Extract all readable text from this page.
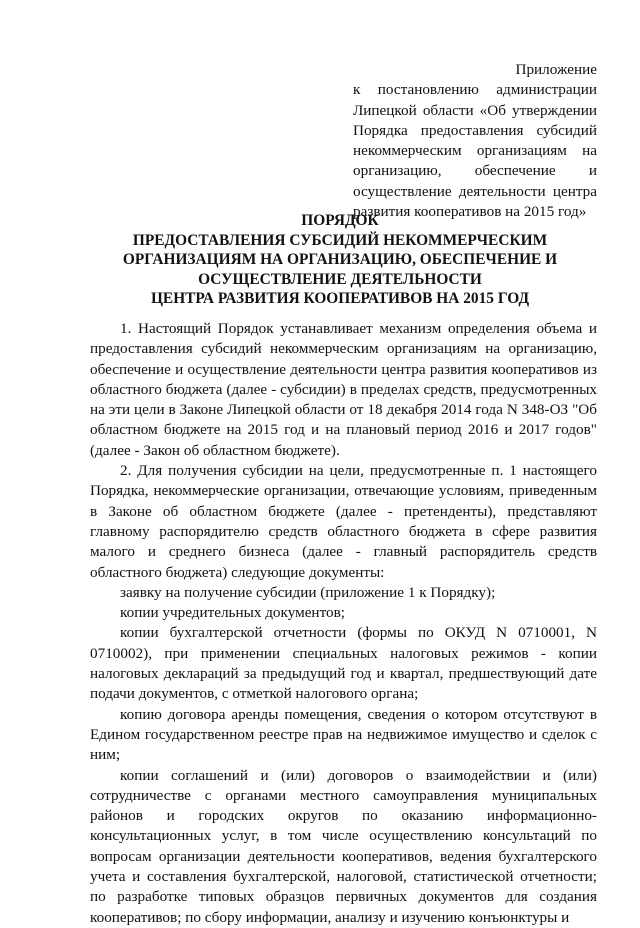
Приложение

к постановлению администрации Липецкой области «Об утверждении Порядка предоставления субсидий некоммерческим организациям на организацию, обеспечение и осуществление деятельности центра развития кооперативов на 2015 год»

ПОРЯДОК
ПРЕДОСТАВЛЕНИЯ СУБСИДИЙ НЕКОММЕРЧЕСКИМ
ОРГАНИЗАЦИЯМ НА ОРГАНИЗАЦИЮ, ОБЕСПЕЧЕНИЕ И
ОСУЩЕСТВЛЕНИЕ ДЕЯТЕЛЬНОСТИ
ЦЕНТРА РАЗВИТИЯ КООПЕРАТИВОВ НА 2015 ГОД

1. Настоящий Порядок устанавливает механизм определения объема и предоставления субсидий некоммерческим организациям на организацию, обеспечение и осуществление деятельности центра развития кооперативов из областного бюджета (далее - субсидии) в пределах средств, предусмотренных на эти цели в Законе Липецкой области от 18 декабря 2014 года N 348-ОЗ "Об областном бюджете на 2015 год и на плановый период 2016 и 2017 годов" (далее - Закон об областном бюджете).

2. Для получения субсидии на цели, предусмотренные п. 1 настоящего Порядка, некоммерческие организации, отвечающие условиям, приведенным в Законе об областном бюджете (далее - претенденты), представляют главному распорядителю средств областного бюджета в сфере развития малого и среднего бизнеса (далее - главный распорядитель средств областного бюджета) следующие документы:

заявку на получение субсидии (приложение 1 к Порядку);

копии учредительных документов;

копии бухгалтерской отчетности (формы по ОКУД N 0710001, N 0710002), при применении специальных налоговых режимов - копии налоговых деклараций за предыдущий год и квартал, предшествующий дате подачи документов, с отметкой налогового органа;

копию договора аренды помещения, сведения о котором отсутствуют в Едином государственном реестре прав на недвижимое имущество и сделок с ним;

копии соглашений и (или) договоров о взаимодействии и (или) сотрудничестве с органами местного самоуправления муниципальных районов и городских округов по оказанию информационно-консультационных услуг, в том числе осуществлению консультаций по вопросам организации деятельности кооперативов, ведения бухгалтерского учета и составления бухгалтерской, налоговой, статистической отчетности; по разработке типовых образцов первичных документов для создания кооперативов; по сбору информации, анализу и изучению конъюнктуры и
